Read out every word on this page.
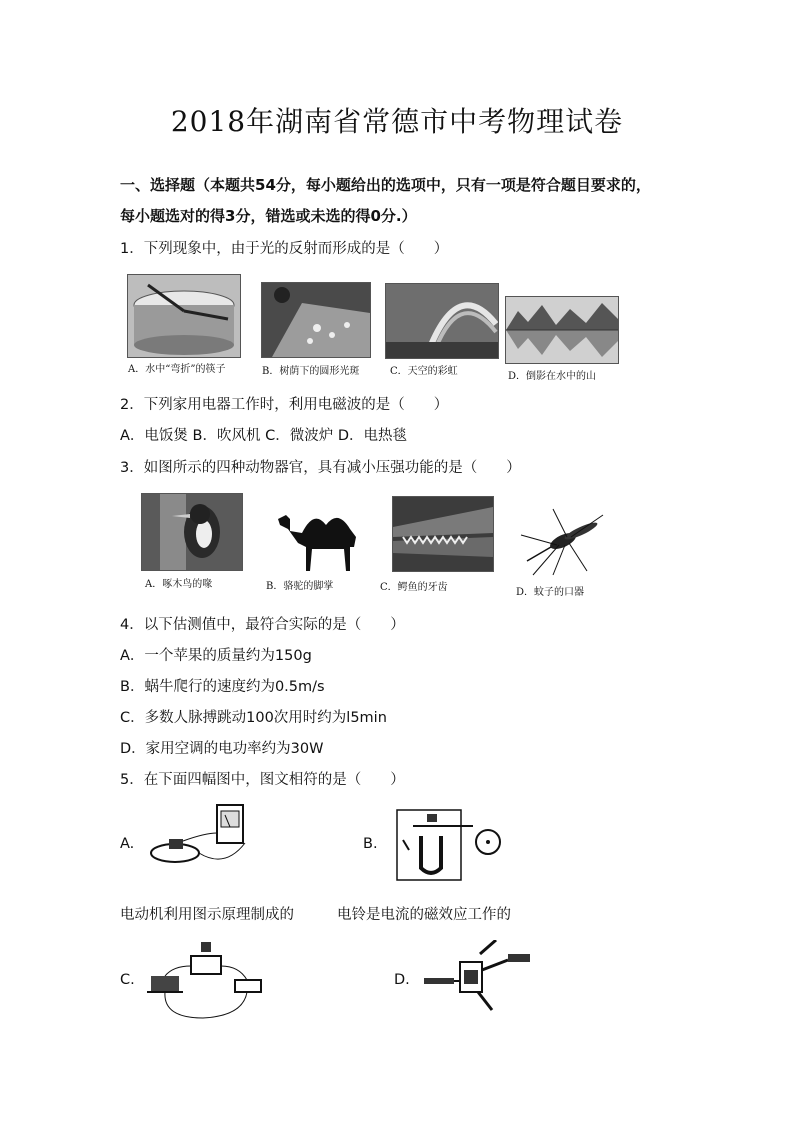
2018年湖南省常德市中考物理试卷
一、选择题（本题共54分，每小题给出的选项中，只有一项是符合题目要求的，
每小题选对的得3分，错选或未选的得0分.）
1．下列现象中，由于光的反射而形成的是（　　）
A．水中“弯折”的筷子	B．树荫下的圆形光斑	C．天空的彩虹	D．倒影在水中的山
2．下列家用电器工作时，利用电磁波的是（　　）
A．电饭煲 B．吹风机 C．微波炉 D．电热毯
3．如图所示的四种动物器官，具有减小压强功能的是（　　）
A．啄木鸟的喙	B．骆驼的脚掌	C．鳄鱼的牙齿	D．蚊子的口器
4．以下估测值中，最符合实际的是（　　）
A．一个苹果的质量约为150g
B．蜗牛爬行的速度约为0.5m/s
C．多数人脉搏跳动100次用时约为l5min
D．家用空调的电功率约为30W
5．在下面四幅图中，图文相符的是（　　）
A.	B.
电动机利用图示原理制成的	电铃是电流的磁效应工作的
C.	D.
